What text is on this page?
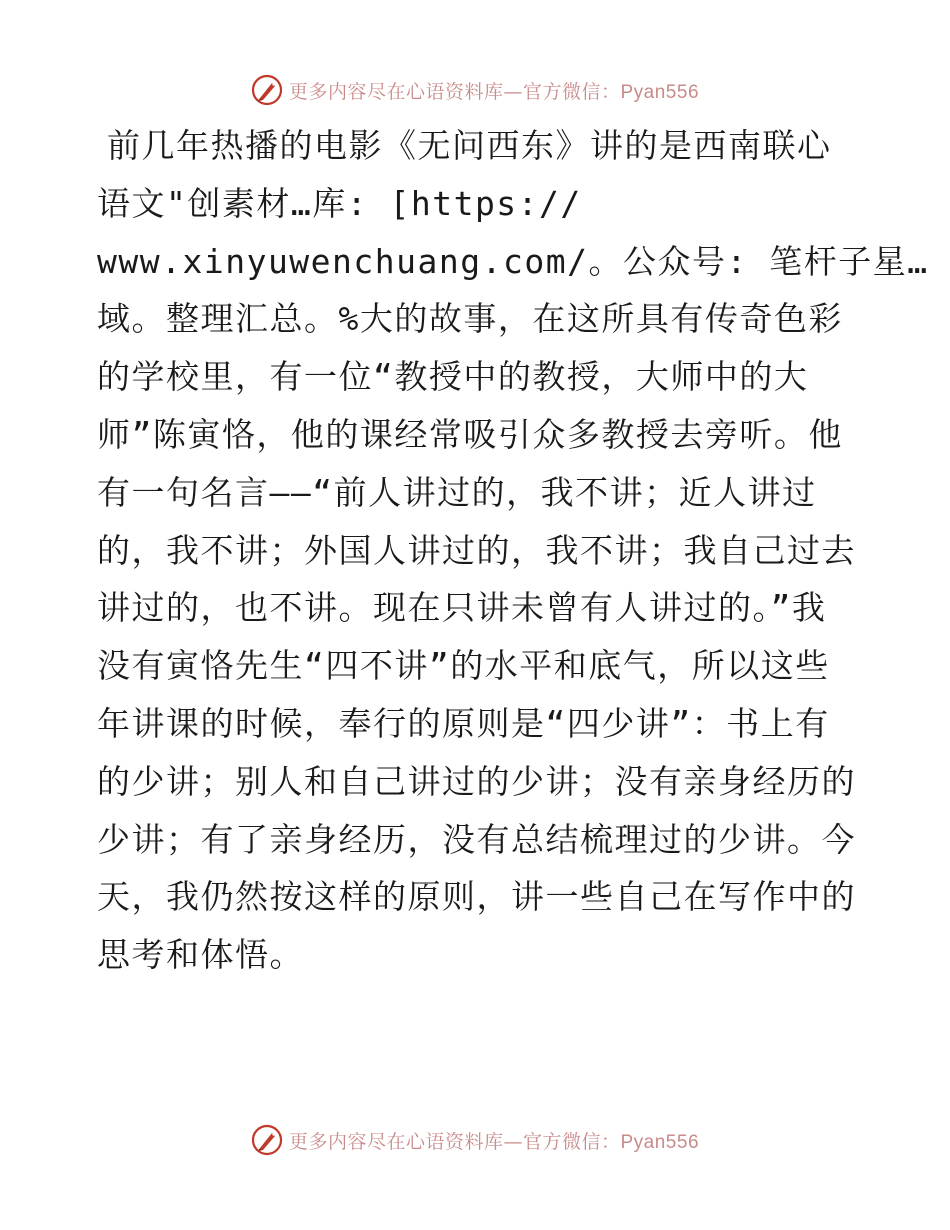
更多内容尽在心语资料库—官方微信：Pyan556
前几年热播的电影《无问西东》讲的是西南联心
语文"创素材…库: [https://
www.xinyuwenchuang.com/。公众号: 笔杆子星…
域。整理汇总。%大的故事，在这所具有传奇色彩
的学校里，有一位“教授中的教授，大师中的大
师”陈寅恪，他的课经常吸引众多教授去旁听。他
有一句名言——“前人讲过的，我不讲；近人讲过
的，我不讲；外国人讲过的，我不讲；我自己过去
讲过的，也不讲。现在只讲未曾有人讲过的。”我
没有寅恪先生“四不讲”的水平和底气，所以这些
年讲课的时候，奉行的原则是“四少讲”：书上有
的少讲；别人和自己讲过的少讲；没有亲身经历的
少讲；有了亲身经历，没有总结梳理过的少讲。今
天，我仍然按这样的原则，讲一些自己在写作中的
思考和体悟。
更多内容尽在心语资料库—官方微信：Pyan556
